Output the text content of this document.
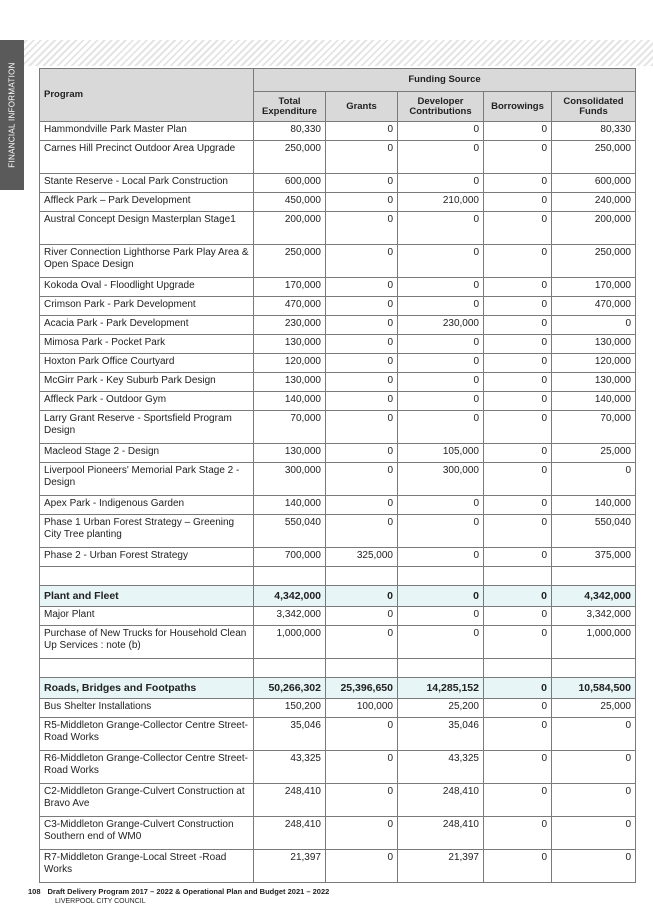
FINANCIAL INFORMATION	Program	Funding Source				
	Total Expenditure	Grants	Developer Contributions	Borrowings	Consolidated Funds
Hammondville Park Master Plan	80,330	0	0	0	80,330
Carnes Hill Precinct Outdoor Area Upgrade	250,000	0	0	0	250,000
Stante Reserve - Local Park Construction	600,000	0	0	0	600,000
Affleck Park – Park Development	450,000	0	210,000	0	240,000
Austral Concept Design Masterplan Stage1	200,000	0	0	0	200,000
River Connection Lighthorse Park Play Area & Open Space Design	250,000	0	0	0	250,000
Kokoda Oval - Floodlight Upgrade	170,000	0	0	0	170,000
Crimson Park - Park Development	470,000	0	0	0	470,000
Acacia Park - Park Development	230,000	0	230,000	0	0
Mimosa Park - Pocket Park	130,000	0	0	0	130,000
Hoxton Park Office Courtyard	120,000	0	0	0	120,000
McGirr Park - Key Suburb Park Design	130,000	0	0	0	130,000
Affleck Park - Outdoor Gym	140,000	0	0	0	140,000
Larry Grant Reserve - Sportsfield Program Design	70,000	0	0	0	70,000
Macleod Stage 2 - Design	130,000	0	105,000	0	25,000
Liverpool Pioneers' Memorial Park Stage 2 - Design	300,000	0	300,000	0	0
Apex Park - Indigenous Garden	140,000	0	0	0	140,000
Phase 1 Urban Forest Strategy – Greening City Tree planting	550,040	0	0	0	550,040
Phase 2 - Urban Forest Strategy	700,000	325,000	0	0	375,000

Plant and Fleet	4,342,000	0	0	0	4,342,000
Major Plant	3,342,000	0	0	0	3,342,000
Purchase of New Trucks for Household Clean Up Services : note (b)	1,000,000	0	0	0	1,000,000

Roads, Bridges and Footpaths	50,266,302	25,396,650	14,285,152	0	10,584,500
Bus Shelter Installations	150,200	100,000	25,200	0	25,000
R5-Middleton Grange-Collector Centre Street-Road Works	35,046	0	35,046	0	0
R6-Middleton Grange-Collector Centre Street-Road Works	43,325	0	43,325	0	0
C2-Middleton Grange-Culvert Construction at Bravo Ave	248,410	0	248,410	0	0
C3-Middleton Grange-Culvert Construction Southern end of WM0	248,410	0	248,410	0	0
R7-Middleton Grange-Local Street -Road Works	21,397	0	21,397	0	0
108 Draft Delivery Program 2017 – 2022 & Operational Plan and Budget 2021 – 2022
LIVERPOOL CITY COUNCIL
